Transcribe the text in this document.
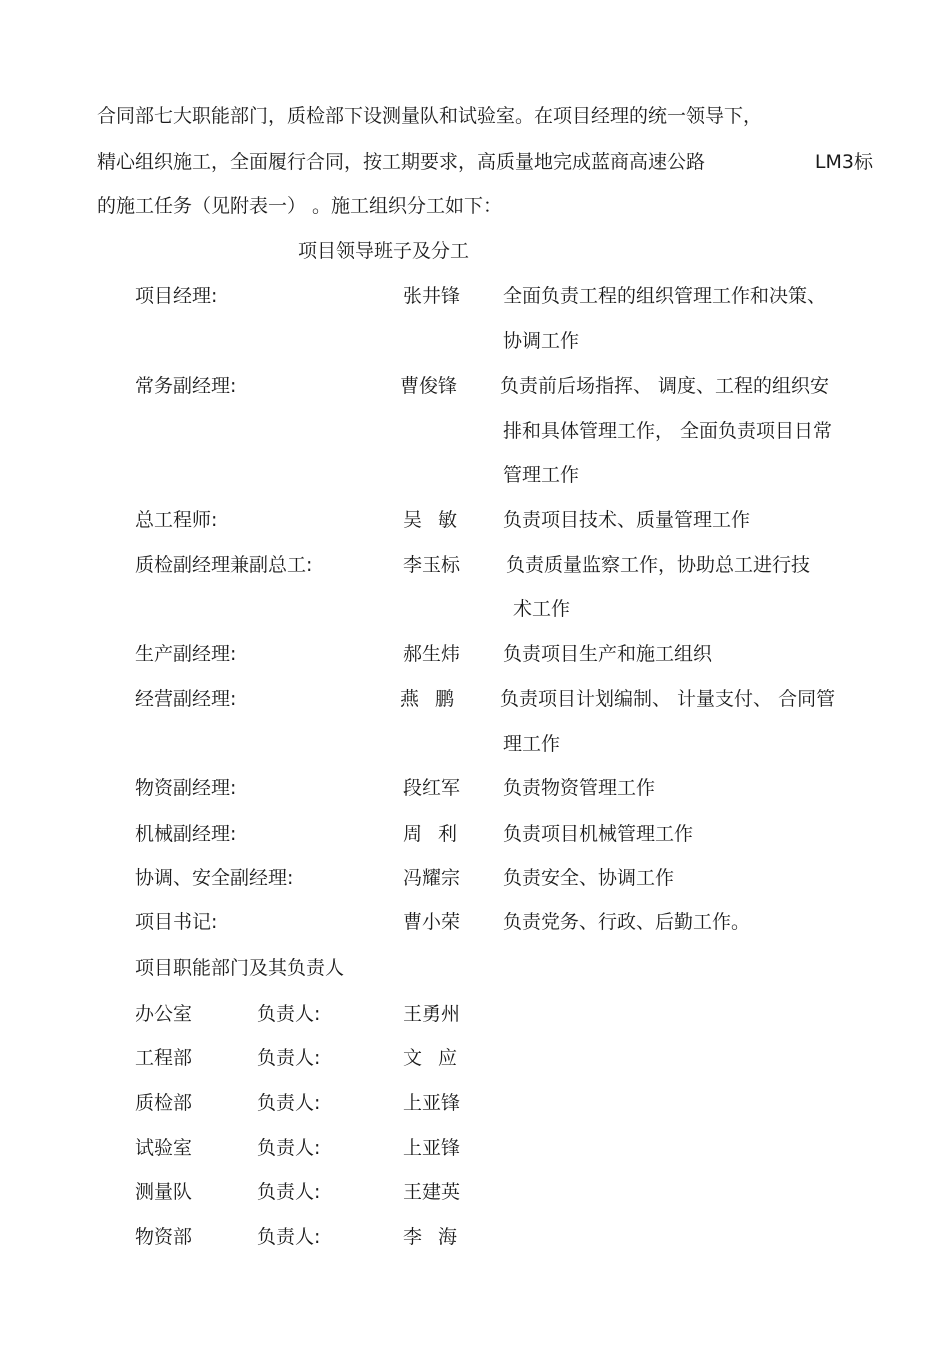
合同部七大职能部门，质检部下设测量队和试验室。在项目经理的统一领导下，
精心组织施工，全面履行合同，按工期要求，高质量地完成蓝商高速公路	LM3标
的施工任务（见附表一） 。施工组织分工如下：
项目领导班子及分工
项目经理:	张井锋 全面负责工程的组织管理工作和决策、
协调工作
常务副经理:	曹俊锋 负责前后场指挥、 调度、工程的组织安
排和具体管理工作， 全面负责项目日常
管理工作
总工程师:	吴敏 负责项目技术、质量管理工作
质检副经理兼副总工:	李玉标 负责质量监察工作，协助总工进行技
术工作
生产副经理:	郝生炜 负责项目生产和施工组织
经营副经理:	燕鹏 负责项目计划编制、 计量支付、 合同管
理工作
物资副经理:	段红军 负责物资管理工作
机械副经理:	周利 负责项目机械管理工作
协调、安全副经理:	冯耀宗 负责安全、协调工作
项目书记:	曹小荣 负责党务、行政、后勤工作。
项目职能部门及其负责人
办公室	负责人:	王勇州
工程部	负责人:	文应
质检部	负责人:	上亚锋
试验室	负责人:	上亚锋
测量队	负责人:	王建英
物资部	负责人:	李海
